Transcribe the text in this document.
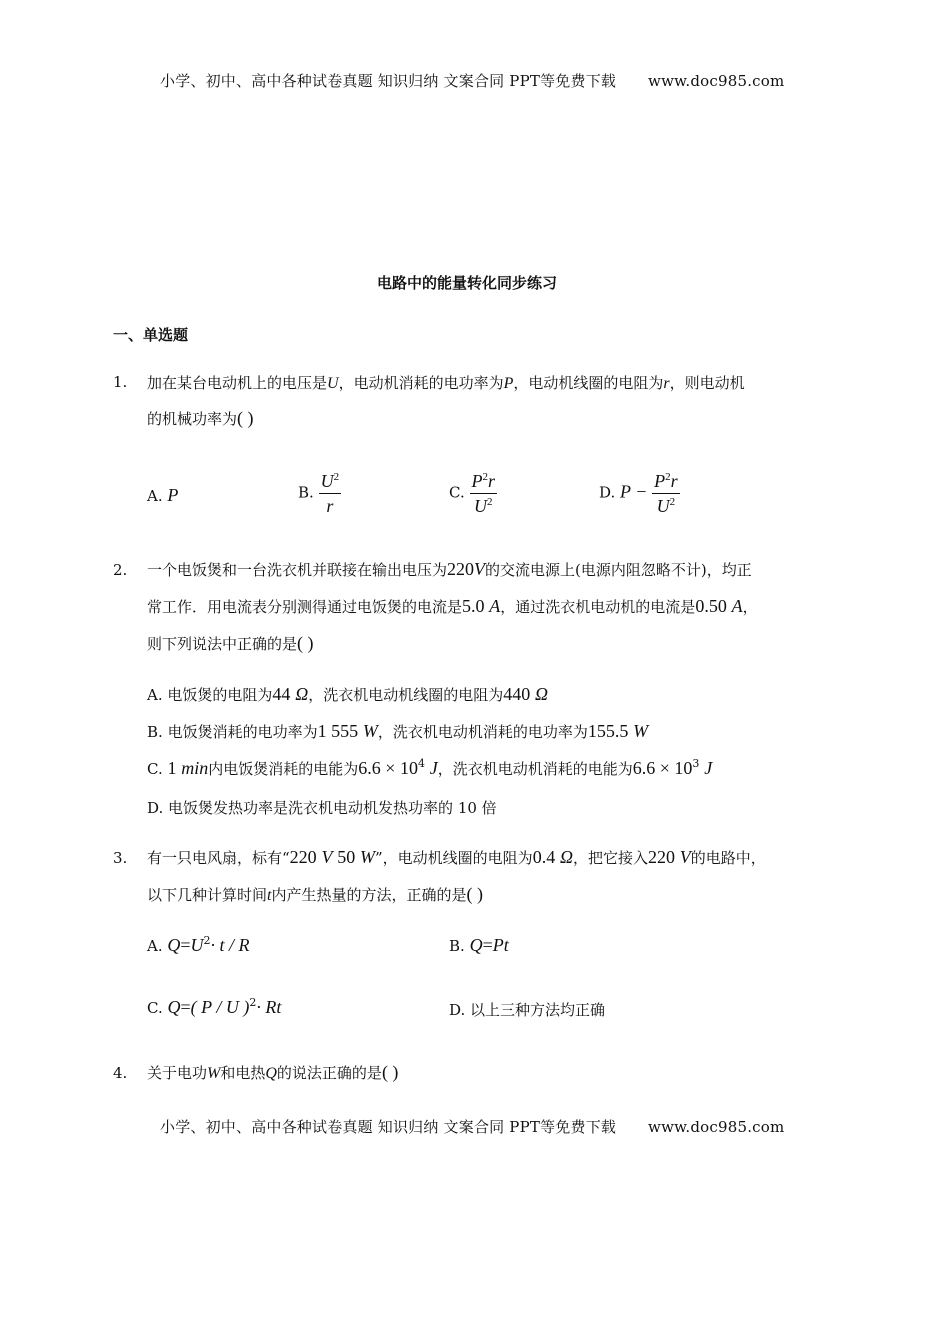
小学、初中、高中各种试卷真题 知识归纳 文案合同 PPT等免费下载 www.doc985.com
电路中的能量转化同步练习
一、单选题
1. 加在某台电动机上的电压是U，电动机消耗的电功率为P，电动机线圈的电阻为r，则电动机
的机械功率为( )
A. P	B. $\frac{U^2}{r}$	C. $\frac{P^2r}{U^2}$	D. $P - \frac{P^2r}{U^2}$
2. 一个电饭煲和一台洗衣机并联接在输出电压为220V的交流电源上(电源内阻忽略不计)，均正
常工作．用电流表分别测得通过电饭煲的电流是5.0 A，通过洗衣机电动机的电流是0.50 A，
则下列说法中正确的是( )
A. 电饭煲的电阻为44 Ω，洗衣机电动机线圈的电阻为440 Ω
B. 电饭煲消耗的电功率为1 555 W，洗衣机电动机消耗的电功率为155.5 W
C. 1 min内电饭煲消耗的电能为$6.6 \times 10^4$ J，洗衣机电动机消耗的电能为$6.6 \times 10^3$ J
D. 电饭煲发热功率是洗衣机电动机发热功率的 10 倍
3. 有一只电风扇，标有“220 V 50 W”，电动机线圈的电阻为0.4 Ω，把它接入220 V的电路中，
以下几种计算时间t内产生热量的方法，正确的是( )
A. $Q=U^2\cdot t / R$	B. Q=Pt
C. Q=( P / U )$^2$· Rt	D. 以上三种方法均正确
4. 关于电功W和电热Q的说法正确的是( )
小学、初中、高中各种试卷真题 知识归纳 文案合同 PPT等免费下载 www.doc985.com
